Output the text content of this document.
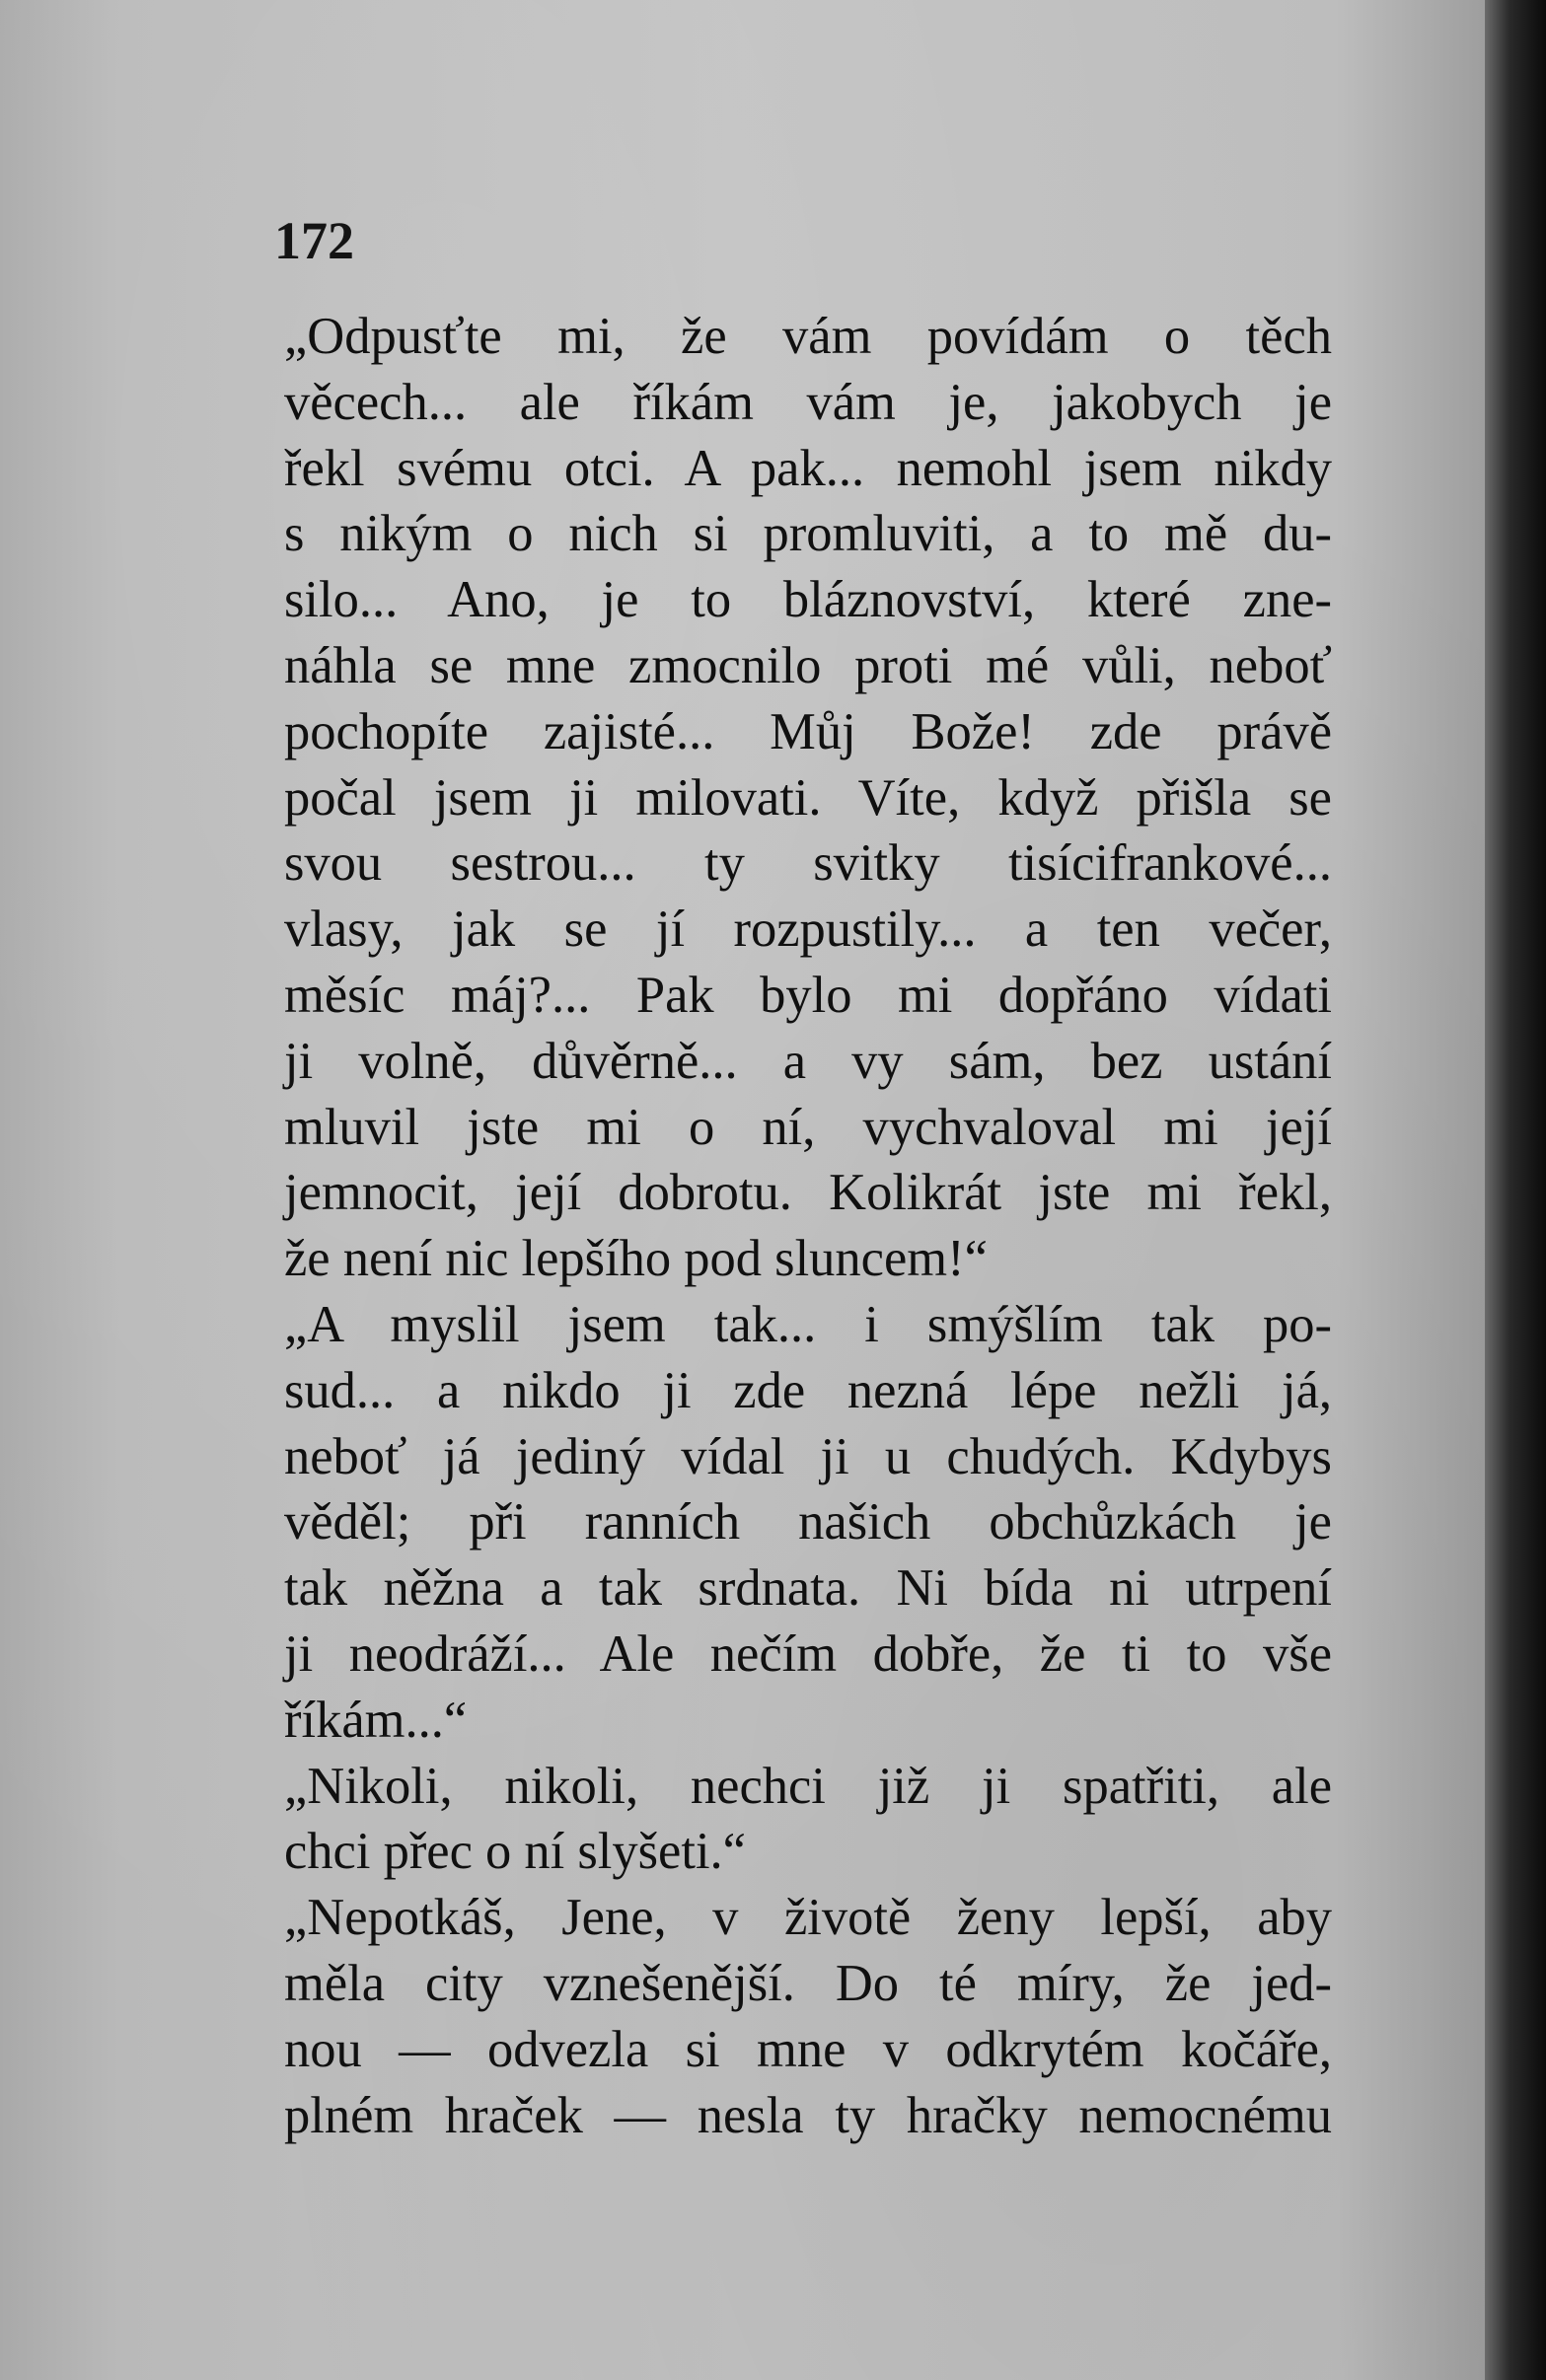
172

„Odpusťte mi, že vám povídám o těch
věcech... ale říkám vám je, jakobych je
řekl svému otci. A pak... nemohl jsem nikdy
s nikým o nich si promluviti, a to mě du-
silo... Ano, je to bláznovství, které zne-
náhla se mne zmocnilo proti mé vůli, neboť
pochopíte zajisté... Můj Bože! zde právě
počal jsem ji milovati. Víte, když přišla se
svou sestrou... ty svitky tisícifrankové...
vlasy, jak se jí rozpustily... a ten večer,
měsíc máj?... Pak bylo mi dopřáno vídati
ji volně, důvěrně... a vy sám, bez ustání
mluvil jste mi o ní, vychvaloval mi její
jemnocit, její dobrotu. Kolikrát jste mi řekl,
že není nic lepšího pod sluncem!“
„A myslil jsem tak... i smýšlím tak po-
sud... a nikdo ji zde nezná lépe nežli já,
neboť já jediný vídal ji u chudých. Kdybys
věděl; při ranních našich obchůzkách je
tak něžna a tak srdnata. Ni bída ni utrpení
ji neodráží... Ale nečím dobře, že ti to vše
říkám...“
„Nikoli, nikoli, nechci již ji spatřiti, ale
chci přec o ní slyšeti.“
„Nepotkáš, Jene, v životě ženy lepší, aby
měla city vznešenější. Do té míry, že jed-
nou — odvezla si mne v odkrytém kočáře,
plném hraček — nesla ty hračky nemocnému
